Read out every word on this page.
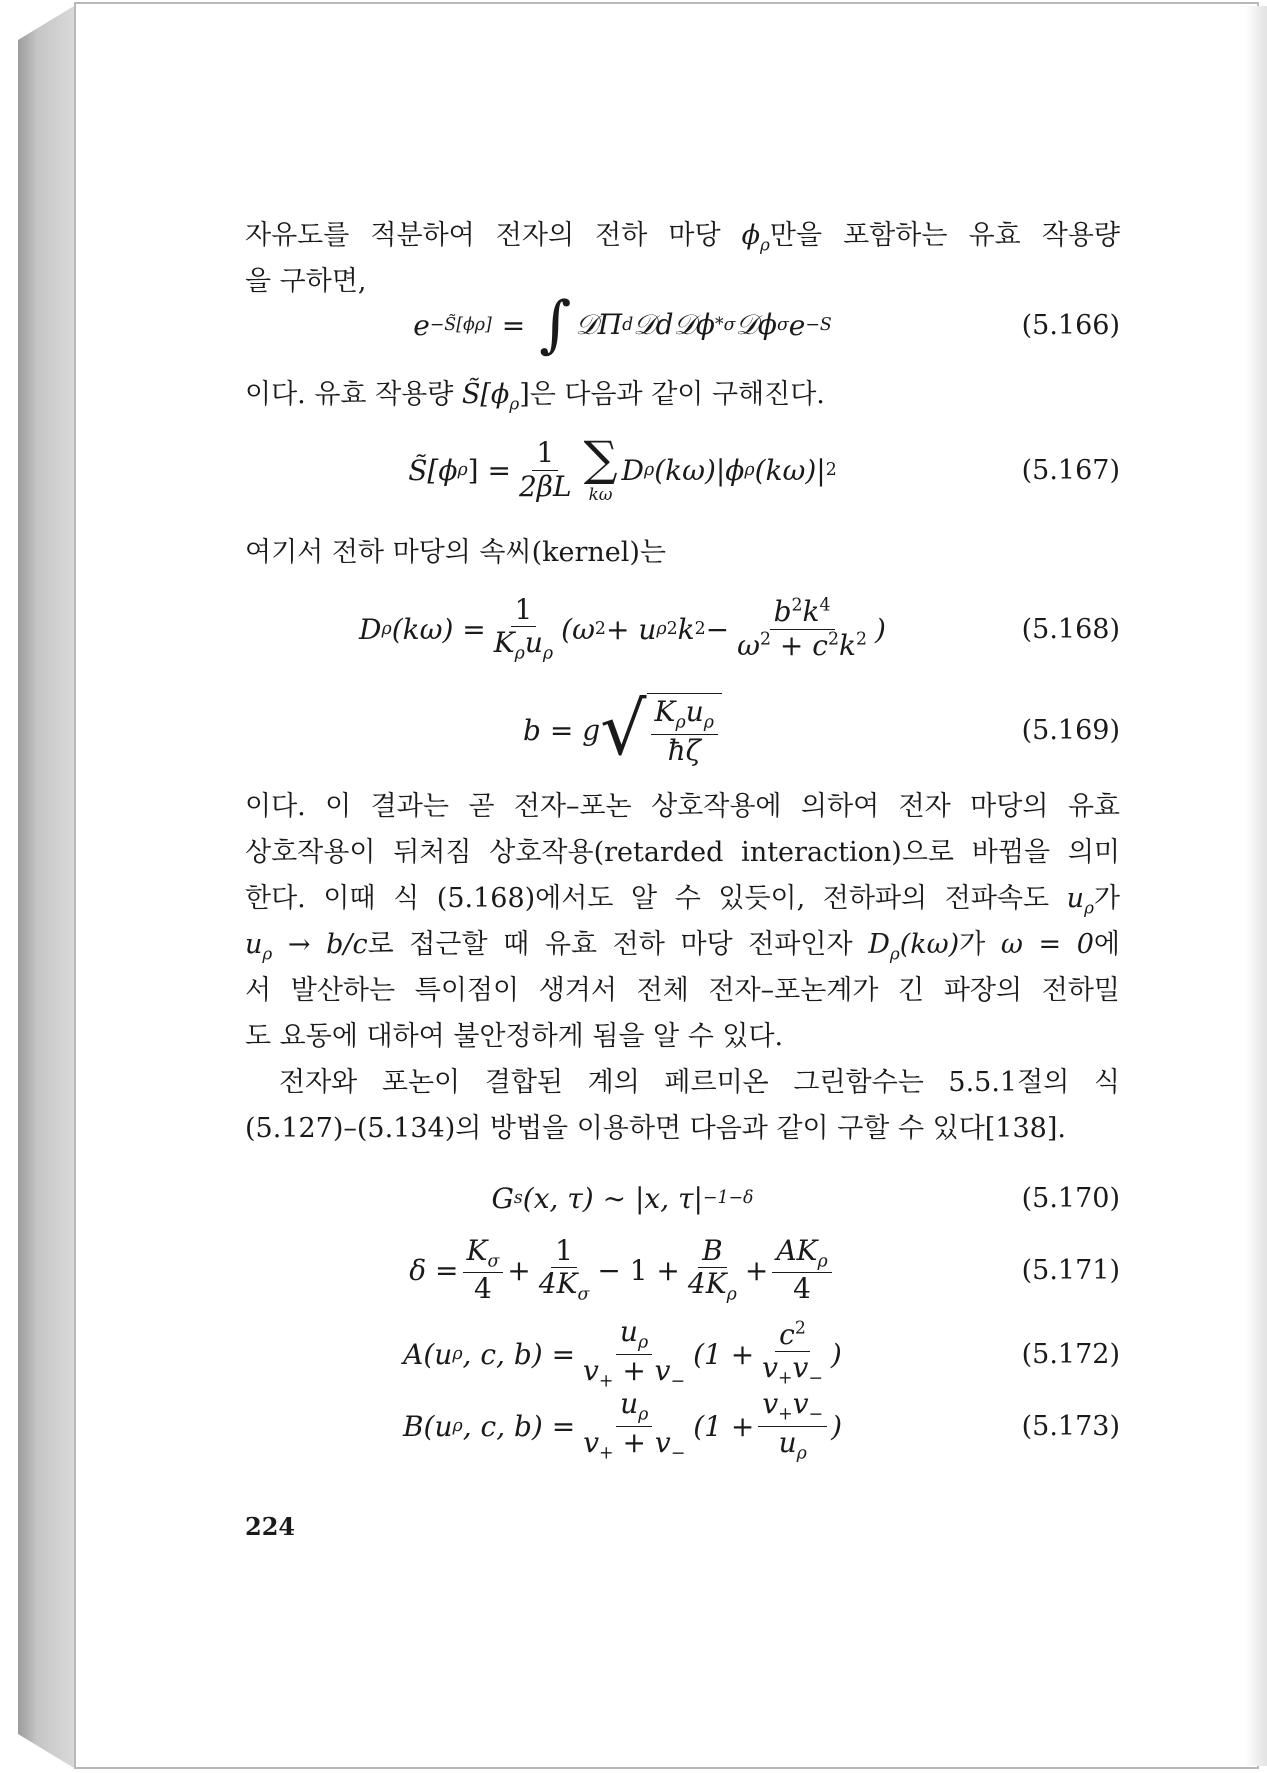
자유도를 적분하여 전자의 전하 마당 $\phi_\rho$만을 포함하는 유효 작용량
을 구하면,
e −S̃[ϕρ] = ∫ 𝒟Π d 𝒟d𝒟ϕ * σ 𝒟ϕ σ e −S	(5.166)
이다. 유효 작용량 $S̃[\phi_\rho]$은 다음과 같이 구해진다.
S̃[ϕ ρ ] = $\frac{1}{2\beta L}$ ∑
kω
D ρ (kω)|ϕ ρ (kω)| 2	(5.167)
여기서 전하 마당의 속씨(kernel)는
D ρ $(k\omega) = \frac{1}{K_\rho u_\rho} (\omega$ 2 + u ρ 2 k $2 - \frac{b^2k^4}{\omega^2 + c^2k^2}$ )	(5.168)
b = g √ $\frac{K_\rho u_\rho}{ħ\zeta}$	(5.169)
이다. 이 결과는 곧 전자–포논 상호작용에 의하여 전자 마당의 유효
상호작용이 뒤처짐 상호작용(retarded interaction)으로 바뀜을 의미
한다. 이때 식 (5.168)에서도 알 수 있듯이, 전하파의 전파속도 $u_\rho$가
$u_\rho \to b/c$로 접근할 때 유효 전하 마당 전파인자 $D_\rho(k\omega)$가 ω = 0에
서 발산하는 특이점이 생겨서 전체 전자–포논계가 긴 파장의 전하밀
도 요동에 대하여 불안정하게 됨을 알 수 있다.
전자와 포논이 결합된 계의 페르미온 그린함수는 5.5.1절의 식
(5.127)–(5.134)의 방법을 이용하면 다음과 같이 구할 수 있다[138].
G s (x, τ) ∼ |x, τ| −1−δ	(5.170)
$\delta = \frac{K_\sigma}{4} + \frac{1}{4K_\sigma} - 1 + \frac{B}{4K_\rho} + \frac{AK_\rho}{4}$	(5.171)
A(u ρ , c, $b) = \frac{u_\rho}{v_+ + v_-} (1 + \frac{c^2}{v_+v_-}$ )	(5.172)
B(u ρ , c, $b) = \frac{u_\rho}{v_+ + v_-} (1 + \frac{v_+v_-}{u_\rho}$ )	(5.173)
224
